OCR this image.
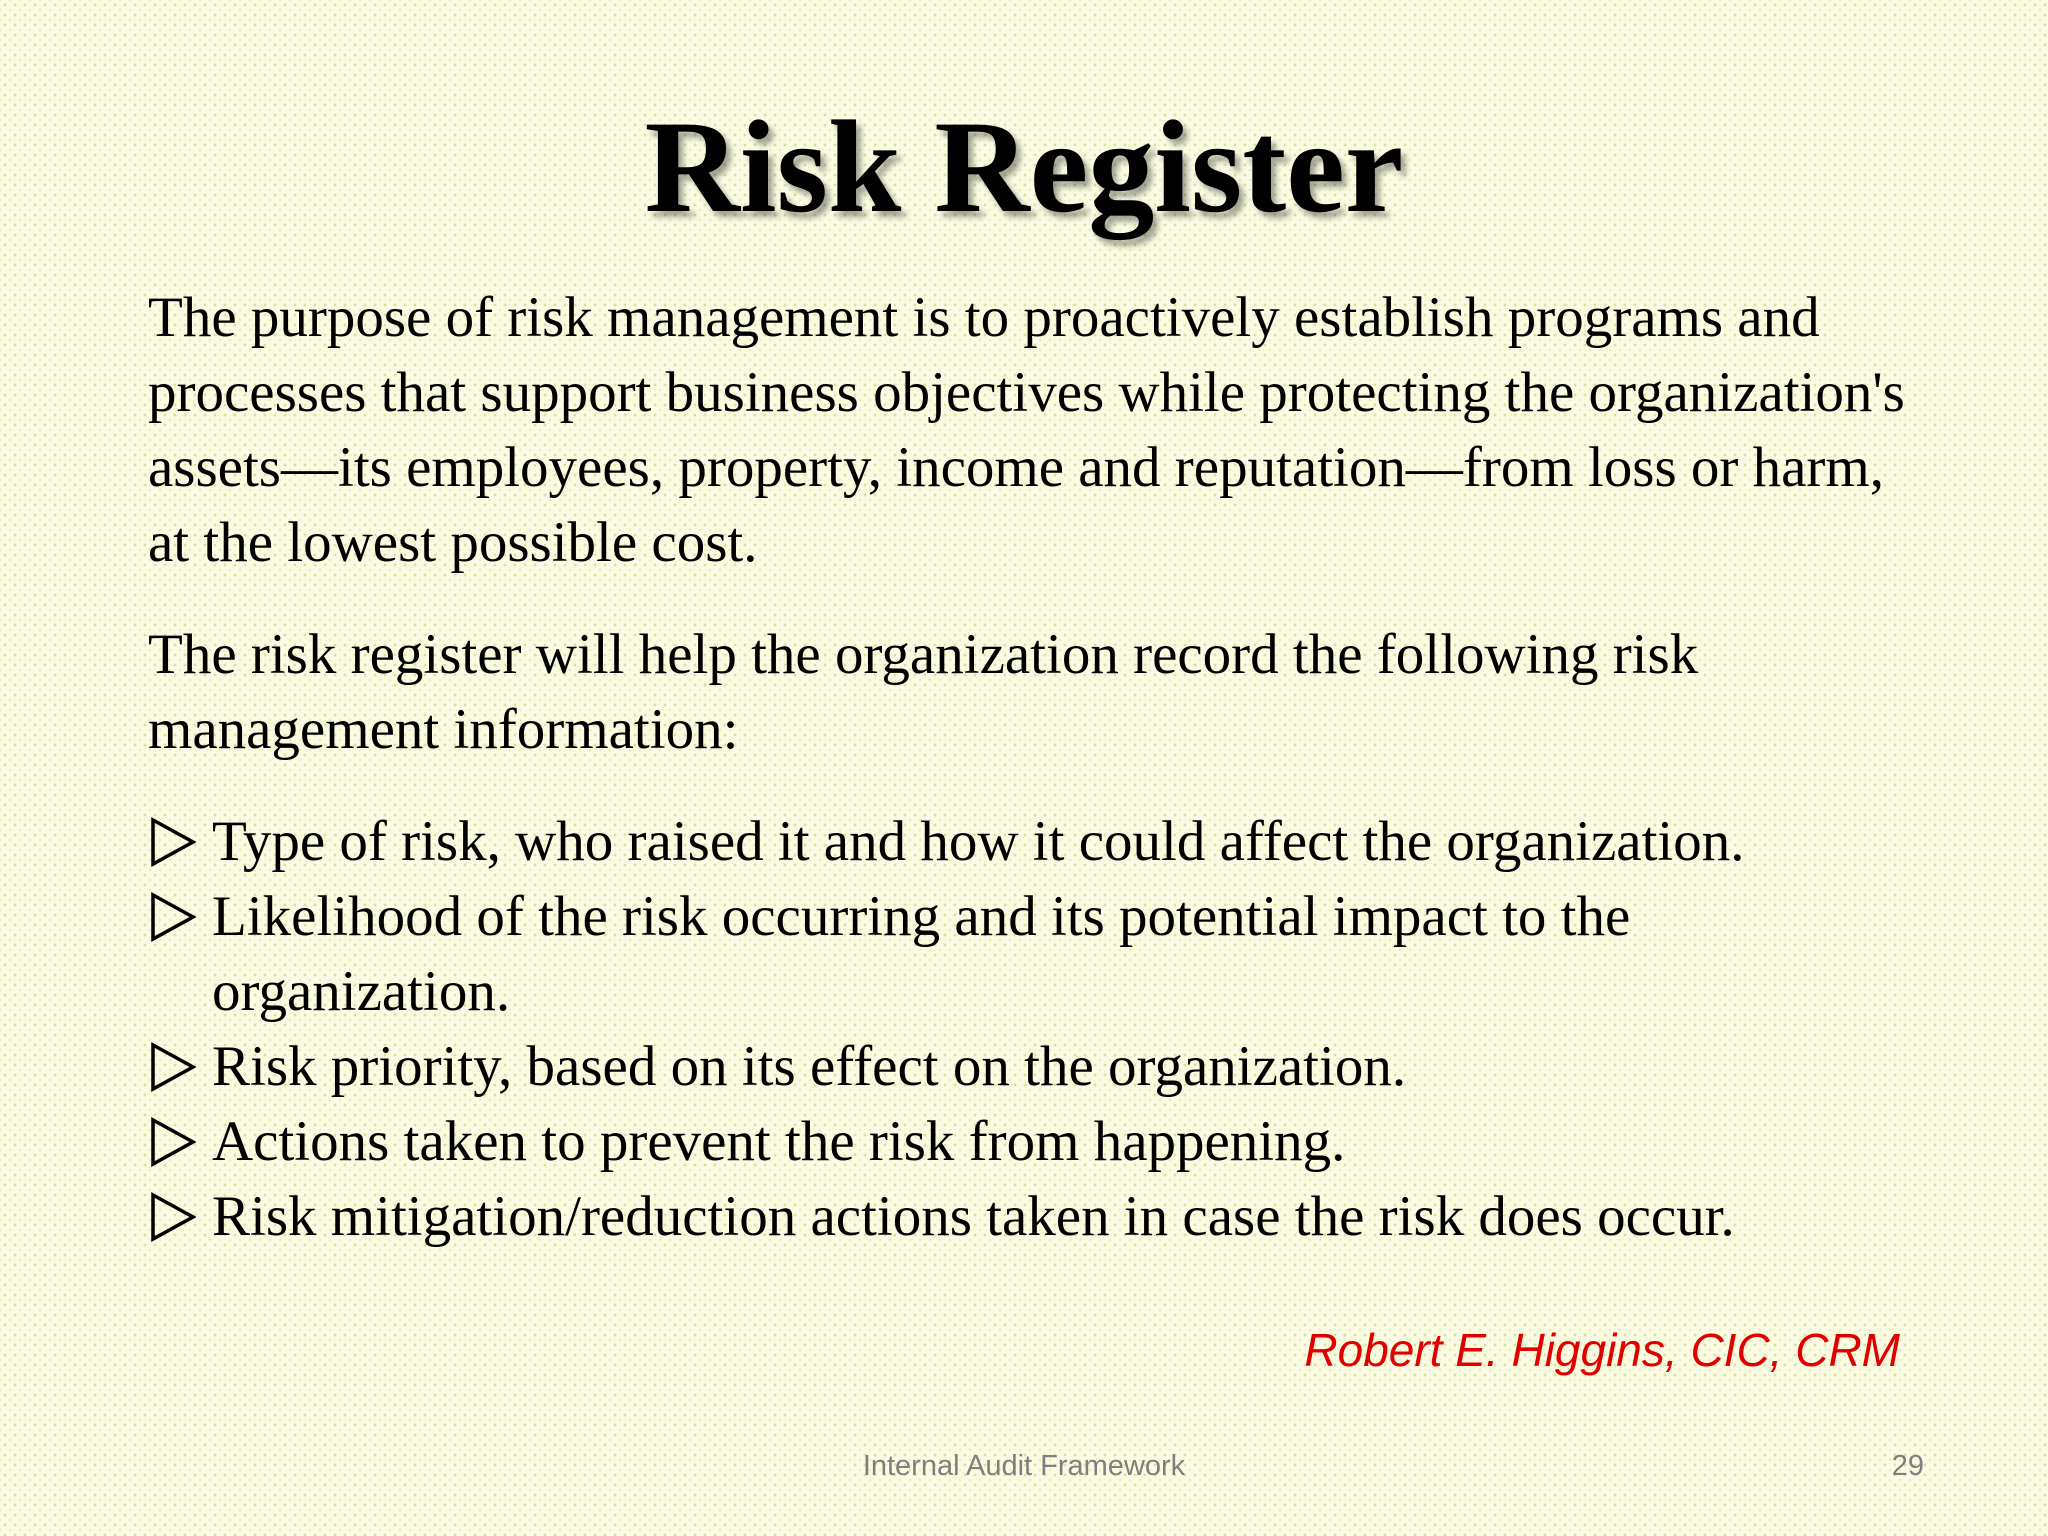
Risk Register

The purpose of risk management is to proactively establish programs and processes that support business objectives while protecting the organization's assets—its employees, property, income and reputation—from loss or harm, at the lowest possible cost.

The risk register will help the organization record the following risk management information:

Type of risk, who raised it and how it could affect the organization.
Likelihood of the risk occurring and its potential impact to the organization.
Risk priority, based on its effect on the organization.
Actions taken to prevent the risk from happening.
Risk mitigation/reduction actions taken in case the risk does occur.

Robert E. Higgins, CIC, CRM

Internal Audit Framework	29
